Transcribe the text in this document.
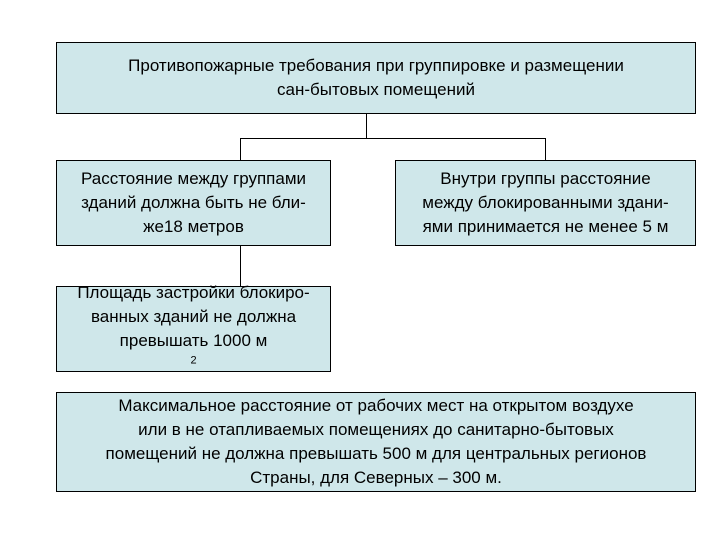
Противопожарные требования при группировке и размещении
сан-бытовых помещений
Расстояние между группами
зданий должна быть не бли-
же18 метров
Внутри группы расстояние
между блокированными здани-
ями принимается не менее 5 м
Площадь застройки блокиро-
ванных зданий не должна
превышать 1000 м
$^2$
Максимальное расстояние от рабочих мест на открытом воздухе
или в не отапливаемых помещениях до санитарно-бытовых
помещений не должна превышать 500 м для центральных регионов
Страны, для Северных – 300 м.
